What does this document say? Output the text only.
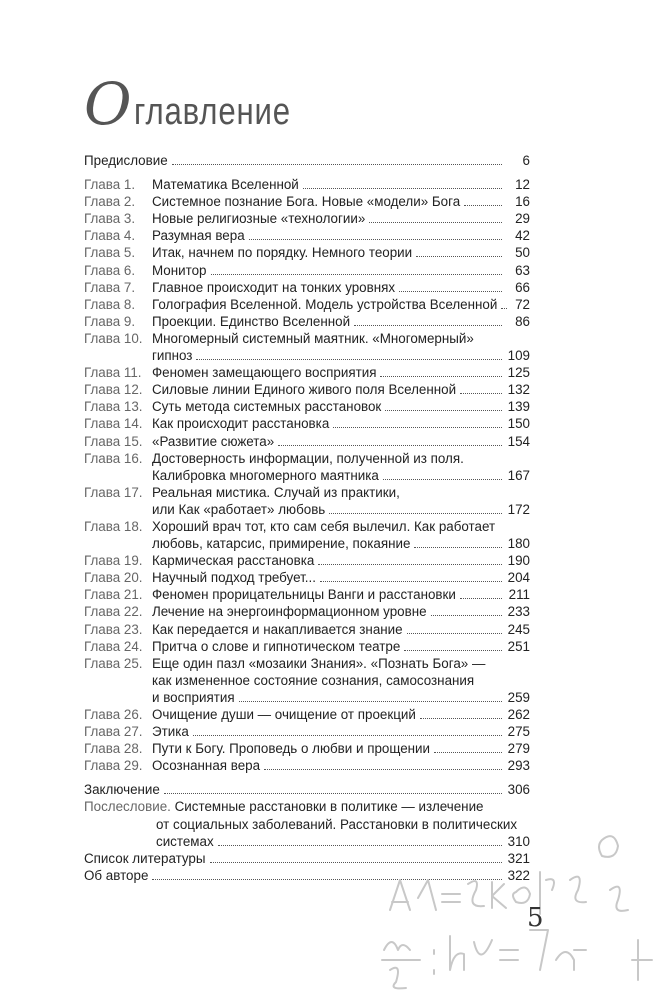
О главление
Предисловие	6
Глава 1.	Математика Вселенной	12
Глава 2.	Системное познание Бога. Новые «модели» Бога	16
Глава 3.	Новые религиозные «технологии»	29
Глава 4.	Разумная вера	42
Глава 5.	Итак, начнем по порядку. Немного теории	50
Глава 6.	Монитор	63
Глава 7.	Главное происходит на тонких уровнях	66
Глава 8.	Голография Вселенной. Модель устройства Вселенной	72
Глава 9.	Проекции. Единство Вселенной	86
Глава 10. Многомерный системный маятник. «Многомерный»
гипноз	109
Глава 11. Феномен замещающего восприятия	125
Глава 12. Силовые линии Единого живого поля Вселенной	132
Глава 13. Суть метода системных расстановок	139
Глава 14. Как происходит расстановка	150
Глава 15. «Развитие сюжета»	154
Глава 16. Достоверность информации, полученной из поля.
Калибровка многомерного маятника	167
Глава 17. Реальная мистика. Случай из практики,
или Как «работает» любовь	172
Глава 18. Хороший врач тот, кто сам себя вылечил. Как работает
любовь, катарсис, примирение, покаяние	180
Глава 19. Кармическая расстановка	190
Глава 20. Научный подход требует...	204
Глава 21. Феномен прорицательницы Ванги и расстановки	211
Глава 22. Лечение на энергоинформационном уровне	233
Глава 23. Как передается и накапливается знание	245
Глава 24. Притча о слове и гипнотическом театре	251
Глава 25. Еще один пазл «мозаики Знания». «Познать Бога» —
как измененное состояние сознания, самосознания
и восприятия	259
Глава 26. Очищение души — очищение от проекций	262
Глава 27. Этика	275
Глава 28. Пути к Богу. Проповедь о любви и прощении	279
Глава 29. Осознанная вера	293
Заключение	306
Послесловие. Системные расстановки в политике — излечение
от социальных заболеваний. Расстановки в политических
системах	310
Список литературы	321
Об авторе	322
5
